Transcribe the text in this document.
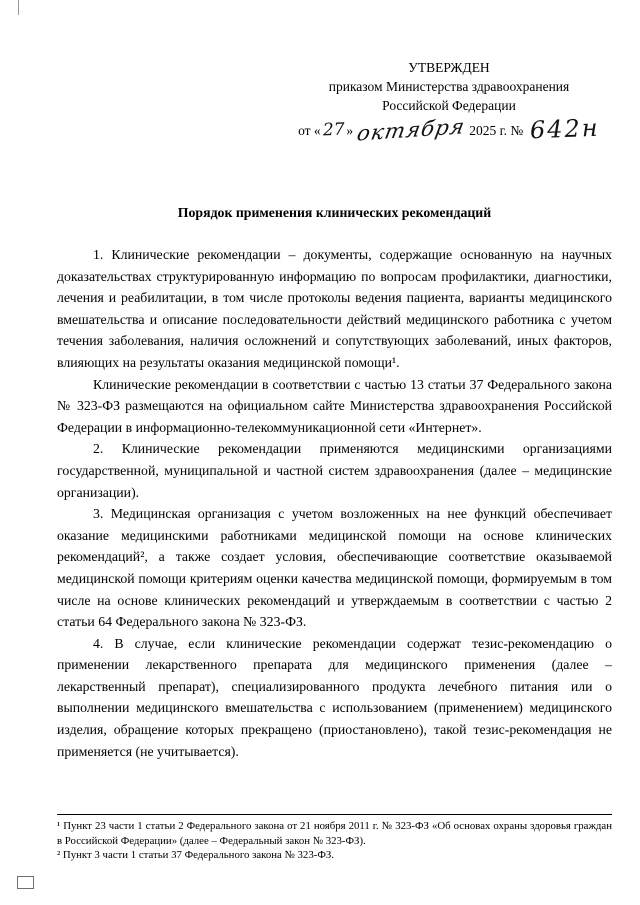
УТВЕРЖДЕН
приказом Министерства здравоохранения
Российской Федерации
от «27 » октября 2025 г. № 642н
Порядок применения клинических рекомендаций

1. Клинические рекомендации – документы, содержащие основанную на научных доказательствах структурированную информацию по вопросам профилактики, диагностики, лечения и реабилитации, в том числе протоколы ведения пациента, варианты медицинского вмешательства и описание последовательности действий медицинского работника с учетом течения заболевания, наличия осложнений и сопутствующих заболеваний, иных факторов, влияющих на результаты оказания медицинской помощи¹.

Клинические рекомендации в соответствии с частью 13 статьи 37 Федерального закона № 323-ФЗ размещаются на официальном сайте Министерства здравоохранения Российской Федерации в информационно-телекоммуникационной сети «Интернет».

2. Клинические рекомендации применяются медицинскими организациями государственной, муниципальной и частной систем здравоохранения (далее – медицинские организации).

3. Медицинская организация с учетом возложенных на нее функций обеспечивает оказание медицинскими работниками медицинской помощи на основе клинических рекомендаций², а также создает условия, обеспечивающие соответствие оказываемой медицинской помощи критериям оценки качества медицинской помощи, формируемым в том числе на основе клинических рекомендаций и утверждаемым в соответствии с частью 2 статьи 64 Федерального закона № 323-ФЗ.

4. В случае, если клинические рекомендации содержат тезис-рекомендацию о применении лекарственного препарата для медицинского применения (далее – лекарственный препарат), специализированного продукта лечебного питания или о выполнении медицинского вмешательства с использованием (применением) медицинского изделия, обращение которых прекращено (приостановлено), такой тезис-рекомендация не применяется (не учитывается).

¹ Пункт 23 части 1 статьи 2 Федерального закона от 21 ноября 2011 г. № 323-ФЗ «Об основах охраны здоровья граждан в Российской Федерации» (далее – Федеральный закон № 323-ФЗ).

² Пункт 3 части 1 статьи 37 Федерального закона № 323-ФЗ.
